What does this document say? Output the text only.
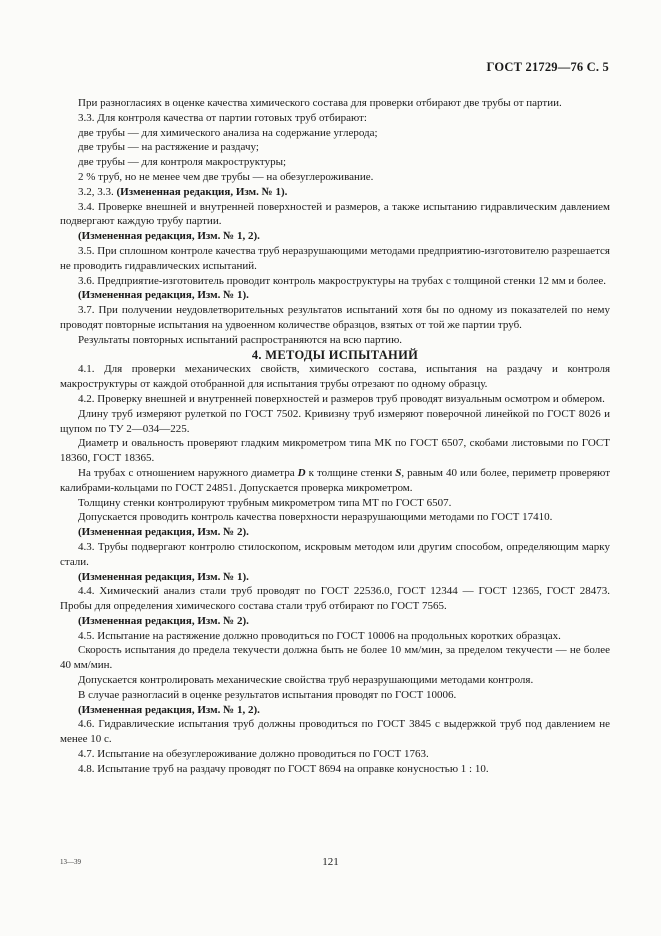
ГОСТ 21729—76 С. 5

При разногласиях в оценке качества химического состава для проверки отбирают две трубы от партии.

3.3. Для контроля качества от партии готовых труб отбирают:

две трубы — для химического анализа на содержание углерода;

две трубы — на растяжение и раздачу;

две трубы — для контроля макроструктуры;

2 % труб, но не менее чем две трубы — на обезуглероживание.

3.2, 3.3. (Измененная редакция, Изм. № 1).

3.4. Проверке внешней и внутренней поверхностей и размеров, а также испытанию гидравлическим давлением подвергают каждую трубу партии.

(Измененная редакция, Изм. № 1, 2).

3.5. При сплошном контроле качества труб неразрушающими методами предприятию-изготовителю разрешается не проводить гидравлических испытаний.

3.6. Предприятие-изготовитель проводит контроль макроструктуры на трубах с толщиной стенки 12 мм и более.

(Измененная редакция, Изм. № 1).

3.7. При получении неудовлетворительных результатов испытаний хотя бы по одному из показателей по нему проводят повторные испытания на удвоенном количестве образцов, взятых от той же партии труб.

Результаты повторных испытаний распространяются на всю партию.

4. МЕТОДЫ ИСПЫТАНИЙ

4.1. Для проверки механических свойств, химического состава, испытания на раздачу и контроля макроструктуры от каждой отобранной для испытания трубы отрезают по одному образцу.

4.2. Проверку внешней и внутренней поверхностей и размеров труб проводят визуальным осмотром и обмером.

Длину труб измеряют рулеткой по ГОСТ 7502. Кривизну труб измеряют поверочной линейкой по ГОСТ 8026 и щупом по ТУ 2—034—225.

Диаметр и овальность проверяют гладким микрометром типа МК по ГОСТ 6507, скобами листовыми по ГОСТ 18360, ГОСТ 18365.

На трубах с отношением наружного диаметра D к толщине стенки S, равным 40 или более, периметр проверяют калибрами-кольцами по ГОСТ 24851. Допускается проверка микрометром.

Толщину стенки контролируют трубным микрометром типа МТ по ГОСТ 6507.

Допускается проводить контроль качества поверхности неразрушающими методами по ГОСТ 17410.

(Измененная редакция, Изм. № 2).

4.3. Трубы подвергают контролю стилоскопом, искровым методом или другим способом, определяющим марку стали.

(Измененная редакция, Изм. № 1).

4.4. Химический анализ стали труб проводят по ГОСТ 22536.0, ГОСТ 12344 — ГОСТ 12365, ГОСТ 28473. Пробы для определения химического состава стали труб отбирают по ГОСТ 7565.

(Измененная редакция, Изм. № 2).

4.5. Испытание на растяжение должно проводиться по ГОСТ 10006 на продольных коротких образцах.

Скорость испытания до предела текучести должна быть не более 10 мм/мин, за пределом текучести — не более 40 мм/мин.

Допускается контролировать механические свойства труб неразрушающими методами контроля.

В случае разногласий в оценке результатов испытания проводят по ГОСТ 10006.

(Измененная редакция, Изм. № 1, 2).

4.6. Гидравлические испытания труб должны проводиться по ГОСТ 3845 с выдержкой труб под давлением не менее 10 с.

4.7. Испытание на обезуглероживание должно проводиться по ГОСТ 1763.

4.8. Испытание труб на раздачу проводят по ГОСТ 8694 на оправке конусностью 1 : 10.

13—39	121
